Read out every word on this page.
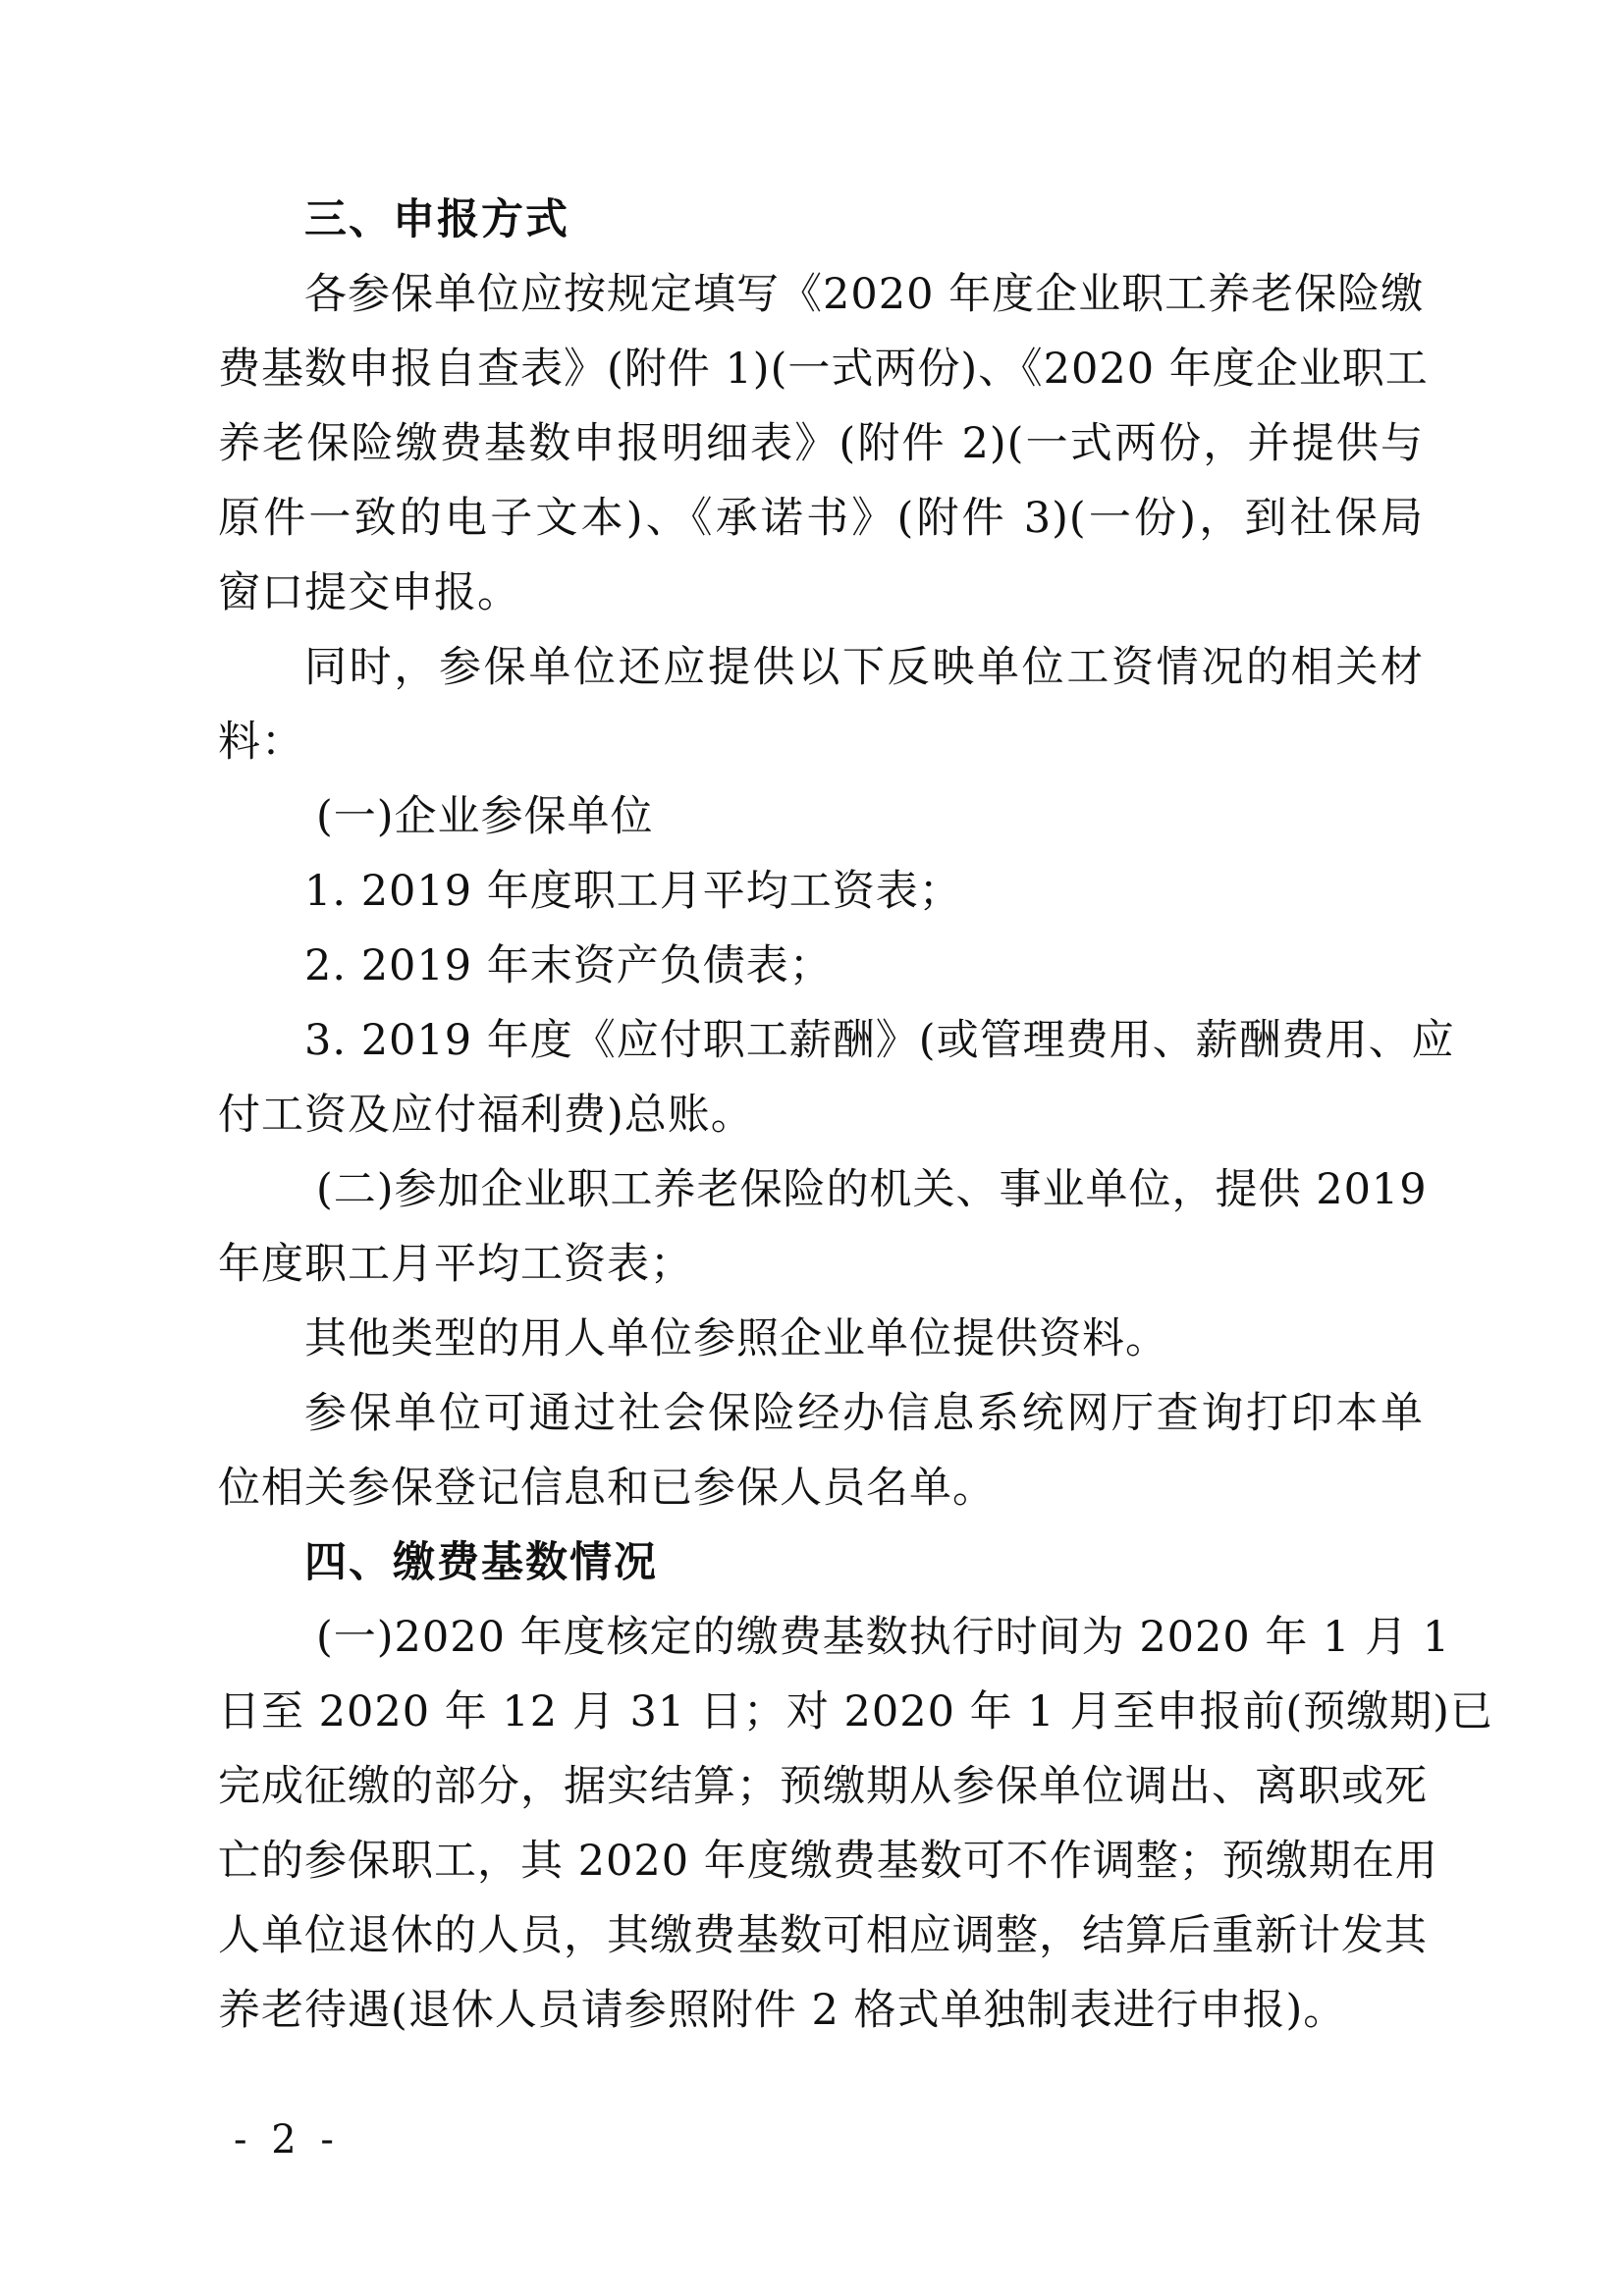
三、申报方式
各参保单位应按规定填写《2020 年度企业职工养老保险缴
费基数申报自查表》(附件 1)(一式两份)、《2020 年度企业职工
养老保险缴费基数申报明细表》(附件 2)(一式两份，并提供与
原件一致的电子文本)、《承诺书》(附件 3)(一份)，到社保局
窗口提交申报。
同时，参保单位还应提供以下反映单位工资情况的相关材
料：
(一)企业参保单位
1. 2019 年度职工月平均工资表；
2. 2019 年末资产负债表；
3. 2019 年度《应付职工薪酬》(或管理费用、薪酬费用、应
付工资及应付福利费)总账。
(二)参加企业职工养老保险的机关、事业单位，提供 2019
年度职工月平均工资表；
其他类型的用人单位参照企业单位提供资料。
参保单位可通过社会保险经办信息系统网厅查询打印本单
位相关参保登记信息和已参保人员名单。
四、缴费基数情况
(一)2020 年度核定的缴费基数执行时间为 2020 年 1 月 1
日至 2020 年 12 月 31 日；对 2020 年 1 月至申报前(预缴期)已
完成征缴的部分，据实结算；预缴期从参保单位调出、离职或死
亡的参保职工，其 2020 年度缴费基数可不作调整；预缴期在用
人单位退休的人员，其缴费基数可相应调整，结算后重新计发其
养老待遇(退休人员请参照附件 2 格式单独制表进行申报)。
- 2 -
